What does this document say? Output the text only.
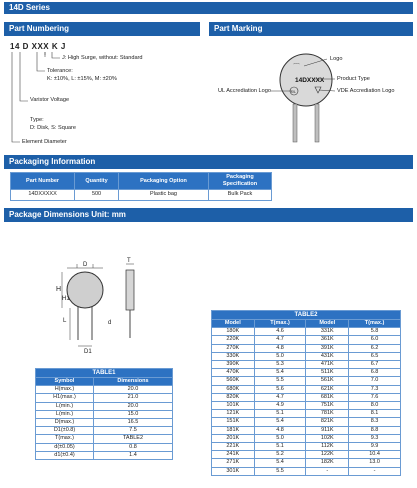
14D Series
Part Numbering
14 D XXX K J
J: High Surge, without: Standard
Tolerance:
K: ±10%, L: ±15%, M: ±20%
Varistor Voltage
Type:
D: Disk, S: Square
Element Diameter
Part Marking
⌒
14DXXXX
UL
Logo
Product Type
UL Accrediation Logo	VDE Accrediation Logo
Packaging Information
Part Number	Quantity	Packaging Option	Packaging Specification
14DXXXXX	500	Plastic bag	Bulk Pack
Package Dimensions Unit: mm
H
T
D
H1
L
D1
d
TABLE1	
Symbol	Dimensions
H(max.)	20.0
H1(max.)	21.0
L(min.)	20.0
L(min.)	15.0
D(max.)	16.5
D1(±0.8)	7.5
T(max.)	TABLE2
d(±0.05)	0.8
d1(±0.4)	1.4
TABLE2			
Model	T(max.)	Model	T(max.)
180K	4.6	331K	5.8
220K	4.7	361K	6.0
270K	4.8	391K	6.2
330K	5.0	431K	6.5
390K	5.3	471K	6.7
470K	5.4	511K	6.8
560K	5.5	561K	7.0
680K	5.6	621K	7.3
820K	4.7	681K	7.6
101K	4.9	751K	8.0
121K	5.1	781K	8.1
151K	5.4	821K	8.3
181K	4.8	911K	8.8
201K	5.0	102K	9.3
221K	5.1	112K	9.9
241K	5.2	122K	10.4
271K	5.4	182K	13.0
301K	5.5	-	-
